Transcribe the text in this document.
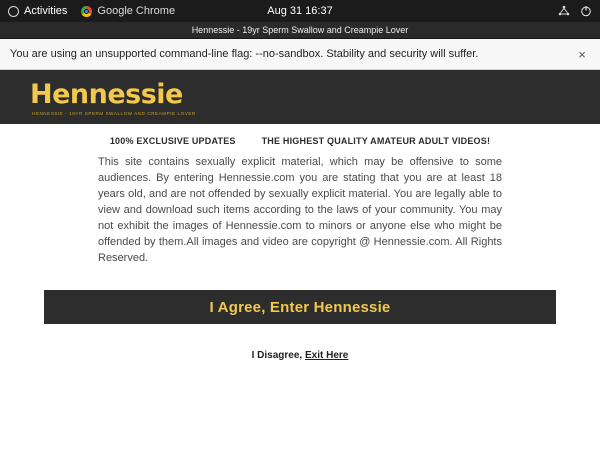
Activities	Google Chrome	Aug 31 16:37
Hennessie - 19yr Sperm Swallow and Creampie Lover
You are using an unsupported command-line flag: --no-sandbox. Stability and security will suffer.	×
Hennessie
HENNESSIE - 19YR SPERM SWALLOW AND CREAMPIE LOVER
100% EXCLUSIVE UPDATES	THE HIGHEST QUALITY AMATEUR ADULT VIDEOS!

This site contains sexually explicit material, which may be offensive to some audiences. By entering Hennessie.com you are stating that you are at least 18 years old, and are not offended by sexually explicit material. You are legally able to view and download such items according to the laws of your community. You may not exhibit the images of Hennessie.com to minors or anyone else who might be offended by them.All images and video are copyright @ Hennessie.com. All Rights Reserved.

I Agree, Enter Hennessie
I Disagree, Exit Here
